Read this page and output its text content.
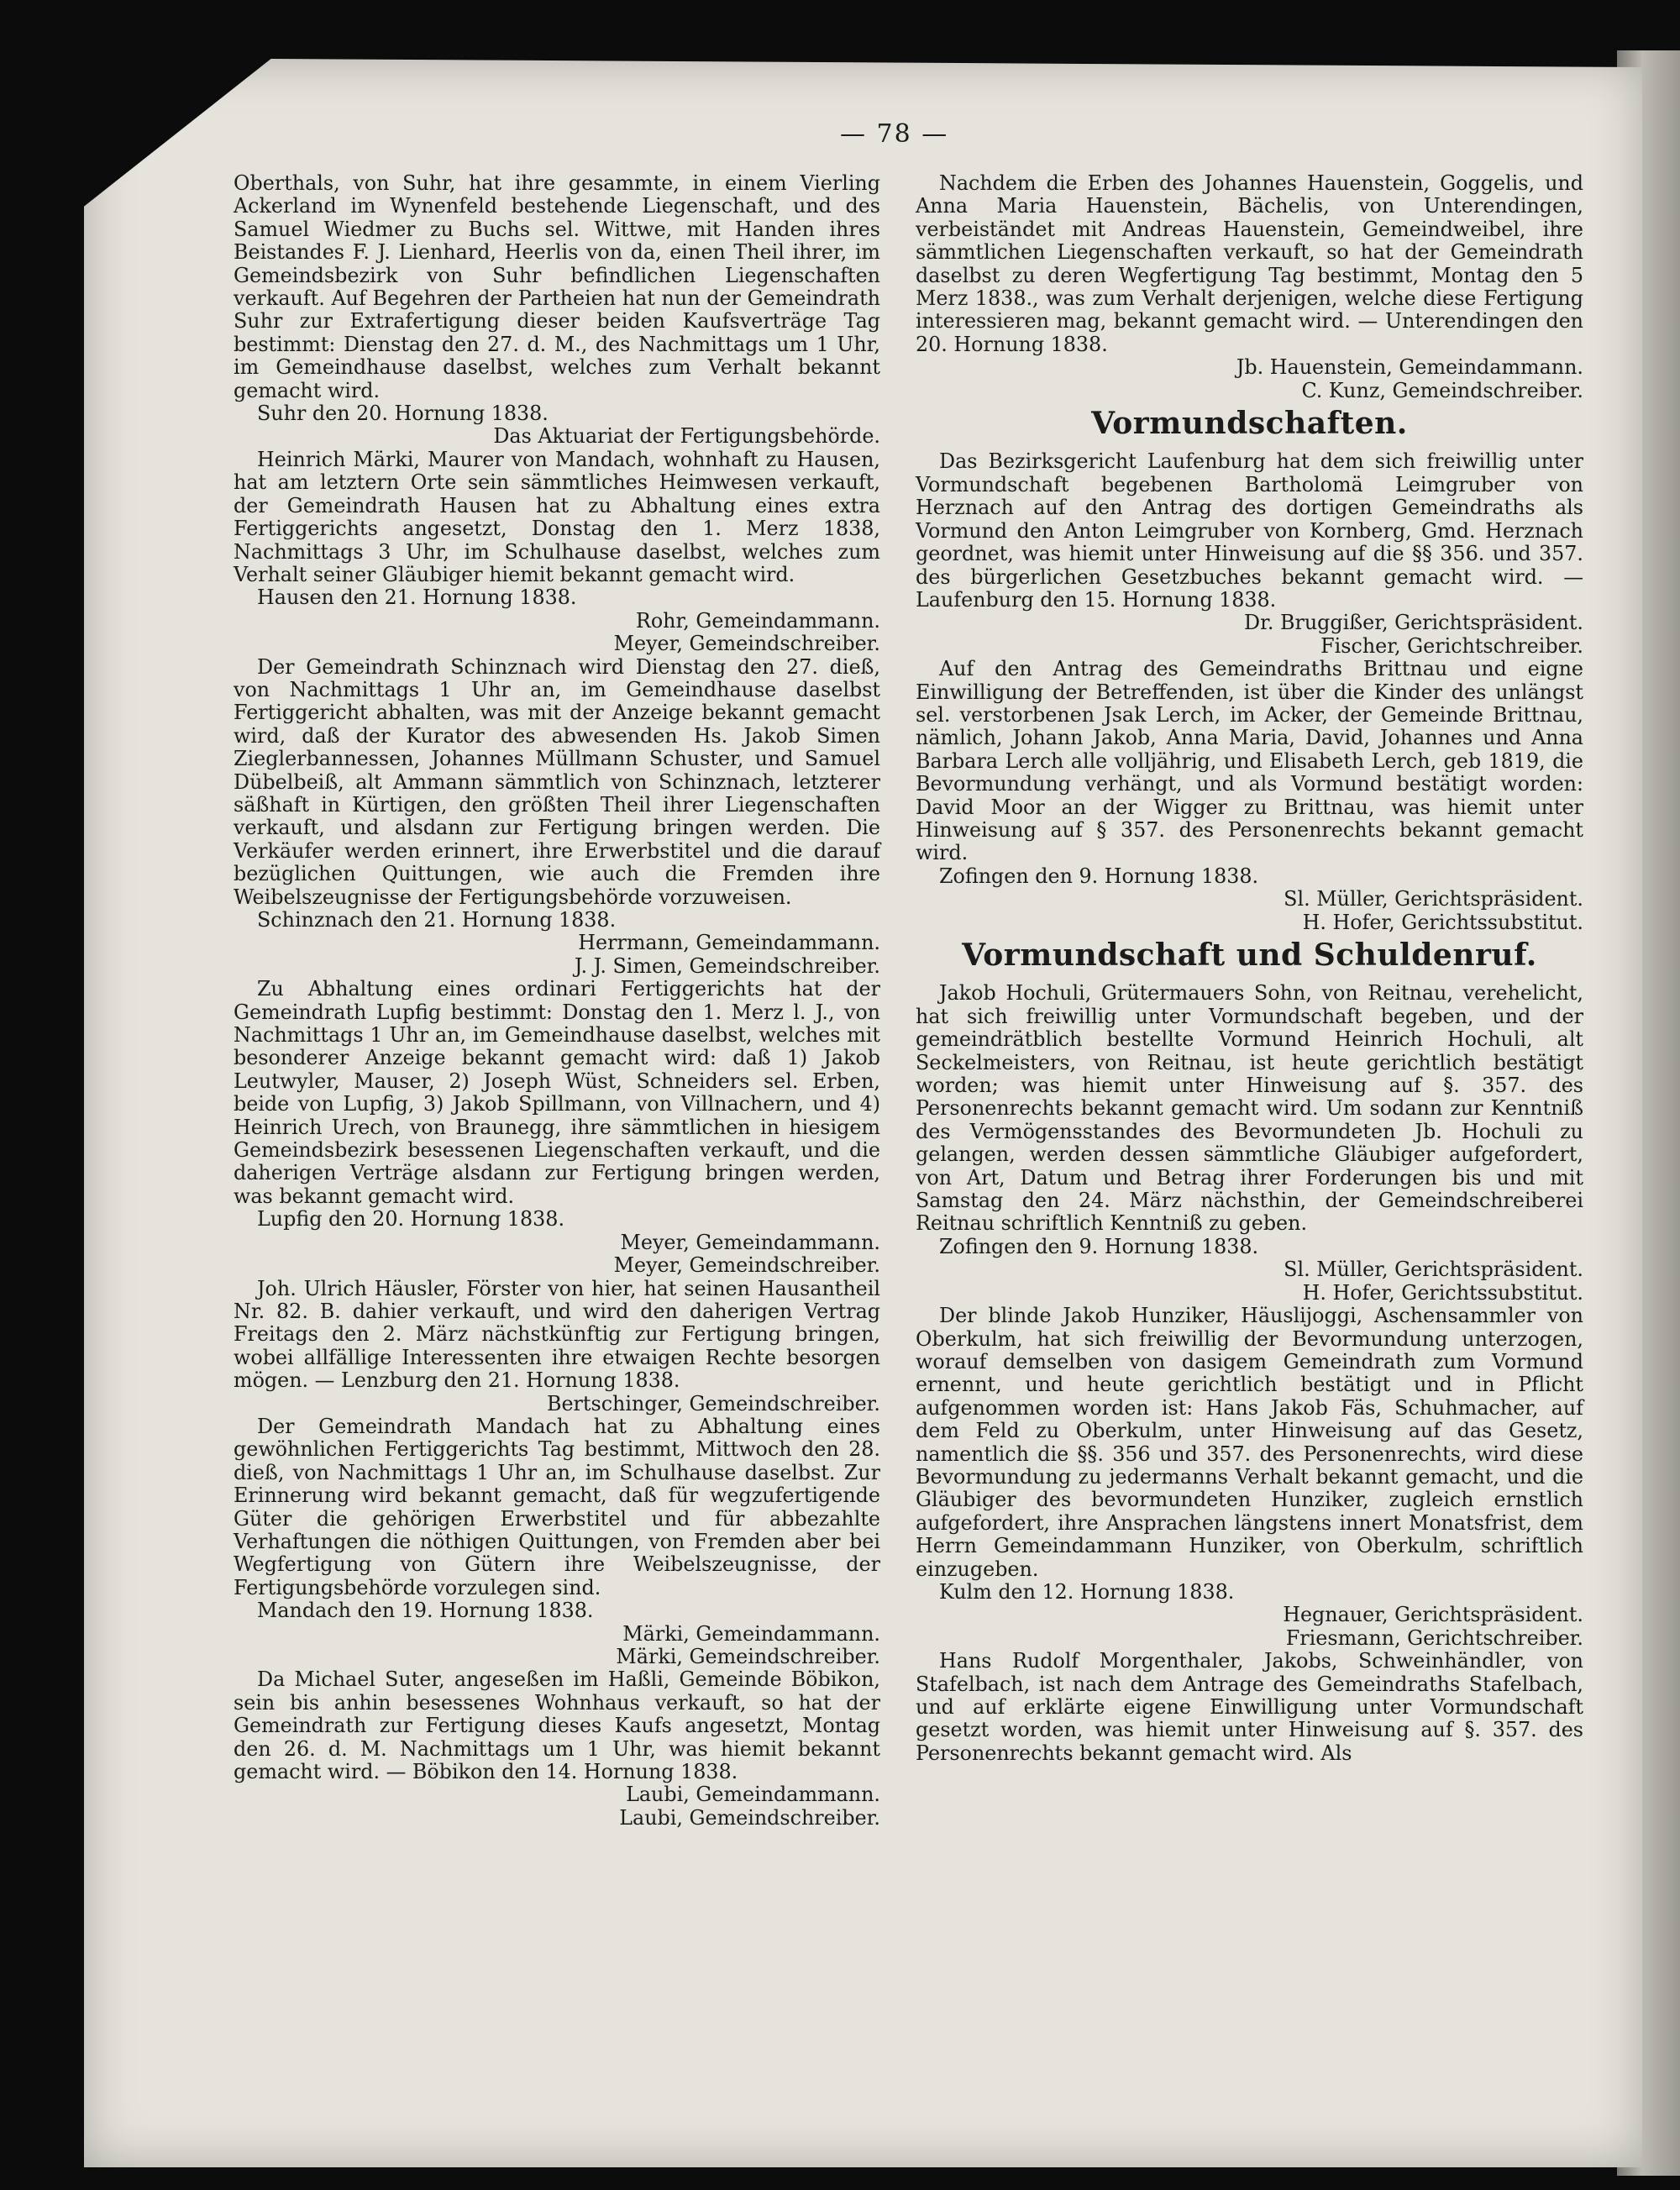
— 78 —

Oberthals, von Suhr, hat ihre gesammte, in einem Vierling Ackerland im Wynenfeld bestehende Liegenschaft, und des Samuel Wiedmer zu Buchs sel. Wittwe, mit Handen ihres Beistandes F. J. Lienhard, Heerlis von da, einen Theil ihrer, im Gemeindsbezirk von Suhr befindlichen Liegenschaften verkauft. Auf Begehren der Partheien hat nun der Gemeindrath Suhr zur Extrafertigung dieser beiden Kaufsverträge Tag bestimmt: Dienstag den 27. d. M., des Nachmittags um 1 Uhr, im Gemeindhause daselbst, welches zum Verhalt bekannt gemacht wird.

Suhr den 20. Hornung 1838.
Das Aktuariat der Fertigungsbehörde.

Heinrich Märki, Maurer von Mandach, wohnhaft zu Hausen, hat am letztern Orte sein sämmtliches Heimwesen verkauft, der Gemeindrath Hausen hat zu Abhaltung eines extra Fertiggerichts angesetzt, Donstag den 1. Merz 1838, Nachmittags 3 Uhr, im Schulhause daselbst, welches zum Verhalt seiner Gläubiger hiemit bekannt gemacht wird.

Hausen den 21. Hornung 1838.
Rohr, Gemeindammann.
Meyer, Gemeindschreiber.

Der Gemeindrath Schinznach wird Dienstag den 27. dieß, von Nachmittags 1 Uhr an, im Gemeindhause daselbst Fertiggericht abhalten, was mit der Anzeige bekannt gemacht wird, daß der Kurator des abwesenden Hs. Jakob Simen Zieglerbannessen, Johannes Müllmann Schuster, und Samuel Dübelbeiß, alt Ammann sämmtlich von Schinznach, letzterer säßhaft in Kürtigen, den größten Theil ihrer Liegenschaften verkauft, und alsdann zur Fertigung bringen werden. Die Verkäufer werden erinnert, ihre Erwerbstitel und die darauf bezüglichen Quittungen, wie auch die Fremden ihre Weibelszeugnisse der Fertigungsbehörde vorzuweisen.

Schinznach den 21. Hornung 1838.
Herrmann, Gemeindammann.
J. J. Simen, Gemeindschreiber.

Zu Abhaltung eines ordinari Fertiggerichts hat der Gemeindrath Lupfig bestimmt: Donstag den 1. Merz l. J., von Nachmittags 1 Uhr an, im Gemeindhause daselbst, welches mit besonderer Anzeige bekannt gemacht wird: daß 1) Jakob Leutwyler, Mauser, 2) Joseph Wüst, Schneiders sel. Erben, beide von Lupfig, 3) Jakob Spillmann, von Villnachern, und 4) Heinrich Urech, von Braunegg, ihre sämmtlichen in hiesigem Gemeindsbezirk besessenen Liegenschaften verkauft, und die daherigen Verträge alsdann zur Fertigung bringen werden, was bekannt gemacht wird.

Lupfig den 20. Hornung 1838.
Meyer, Gemeindammann.
Meyer, Gemeindschreiber.

Joh. Ulrich Häusler, Förster von hier, hat seinen Hausantheil Nr. 82. B. dahier verkauft, und wird den daherigen Vertrag Freitags den 2. März nächstkünftig zur Fertigung bringen, wobei allfällige Interessenten ihre etwaigen Rechte besorgen mögen. — Lenzburg den 21. Hornung 1838.

Bertschinger, Gemeindschreiber.

Der Gemeindrath Mandach hat zu Abhaltung eines gewöhnlichen Fertiggerichts Tag bestimmt, Mittwoch den 28. dieß, von Nachmittags 1 Uhr an, im Schulhause daselbst. Zur Erinnerung wird bekannt gemacht, daß für wegzufertigende Güter die gehörigen Erwerbstitel und für abbezahlte Verhaftungen die nöthigen Quittungen, von Fremden aber bei Wegfertigung von Gütern ihre Weibelszeugnisse, der Fertigungsbehörde vorzulegen sind.

Mandach den 19. Hornung 1838.
Märki, Gemeindammann.
Märki, Gemeindschreiber.

Da Michael Suter, angeseßen im Haßli, Gemeinde Böbikon, sein bis anhin besessenes Wohnhaus verkauft, so hat der Gemeindrath zur Fertigung dieses Kaufs angesetzt, Montag den 26. d. M. Nachmittags um 1 Uhr, was hiemit bekannt gemacht wird. — Böbikon den 14. Hornung 1838.

Laubi, Gemeindammann.
Laubi, Gemeindschreiber.

Nachdem die Erben des Johannes Hauenstein, Goggelis, und Anna Maria Hauenstein, Bächelis, von Unterendingen, verbeiständet mit Andreas Hauenstein, Gemeindweibel, ihre sämmtlichen Liegenschaften verkauft, so hat der Gemeindrath daselbst zu deren Wegfertigung Tag bestimmt, Montag den 5 Merz 1838., was zum Verhalt derjenigen, welche diese Fertigung interessieren mag, bekannt gemacht wird. — Unterendingen den 20. Hornung 1838.

Jb. Hauenstein, Gemeindammann.
C. Kunz, Gemeindschreiber.
Vormundschaften.

Das Bezirksgericht Laufenburg hat dem sich freiwillig unter Vormundschaft begebenen Bartholomä Leimgruber von Herznach auf den Antrag des dortigen Gemeindraths als Vormund den Anton Leimgruber von Kornberg, Gmd. Herznach geordnet, was hiemit unter Hinweisung auf die §§ 356. und 357. des bürgerlichen Gesetzbuches bekannt gemacht wird. — Laufenburg den 15. Hornung 1838.

Dr. Bruggißer, Gerichtspräsident.
Fischer, Gerichtschreiber.

Auf den Antrag des Gemeindraths Brittnau und eigne Einwilligung der Betreffenden, ist über die Kinder des unlängst sel. verstorbenen Jsak Lerch, im Acker, der Gemeinde Brittnau, nämlich, Johann Jakob, Anna Maria, David, Johannes und Anna Barbara Lerch alle volljährig, und Elisabeth Lerch, geb 1819, die Bevormundung verhängt, und als Vormund bestätigt worden: David Moor an der Wigger zu Brittnau, was hiemit unter Hinweisung auf § 357. des Personenrechts bekannt gemacht wird.

Zofingen den 9. Hornung 1838.
Sl. Müller, Gerichtspräsident.
H. Hofer, Gerichtssubstitut.
Vormundschaft und Schuldenruf.

Jakob Hochuli, Grütermauers Sohn, von Reitnau, verehelicht, hat sich freiwillig unter Vormundschaft begeben, und der gemeindrätblich bestellte Vormund Heinrich Hochuli, alt Seckelmeisters, von Reitnau, ist heute gerichtlich bestätigt worden; was hiemit unter Hinweisung auf §. 357. des Personenrechts bekannt gemacht wird. Um sodann zur Kenntniß des Vermögensstandes des Bevormundeten Jb. Hochuli zu gelangen, werden dessen sämmtliche Gläubiger aufgefordert, von Art, Datum und Betrag ihrer Forderungen bis und mit Samstag den 24. März nächsthin, der Gemeindschreiberei Reitnau schriftlich Kenntniß zu geben.

Zofingen den 9. Hornung 1838.
Sl. Müller, Gerichtspräsident.
H. Hofer, Gerichtssubstitut.

Der blinde Jakob Hunziker, Häuslijoggi, Aschensammler von Oberkulm, hat sich freiwillig der Bevormundung unterzogen, worauf demselben von dasigem Gemeindrath zum Vormund ernennt, und heute gerichtlich bestätigt und in Pflicht aufgenommen worden ist: Hans Jakob Fäs, Schuhmacher, auf dem Feld zu Oberkulm, unter Hinweisung auf das Gesetz, namentlich die §§. 356 und 357. des Personenrechts, wird diese Bevormundung zu jedermanns Verhalt bekannt gemacht, und die Gläubiger des bevormundeten Hunziker, zugleich ernstlich aufgefordert, ihre Ansprachen längstens innert Monatsfrist, dem Herrn Gemeindammann Hunziker, von Oberkulm, schriftlich einzugeben.

Kulm den 12. Hornung 1838.
Hegnauer, Gerichtspräsident.
Friesmann, Gerichtschreiber.

Hans Rudolf Morgenthaler, Jakobs, Schweinhändler, von Stafelbach, ist nach dem Antrage des Gemeindraths Stafelbach, und auf erklärte eigene Einwilligung unter Vormundschaft gesetzt worden, was hiemit unter Hinweisung auf §. 357. des Personenrechts bekannt gemacht wird. Als
